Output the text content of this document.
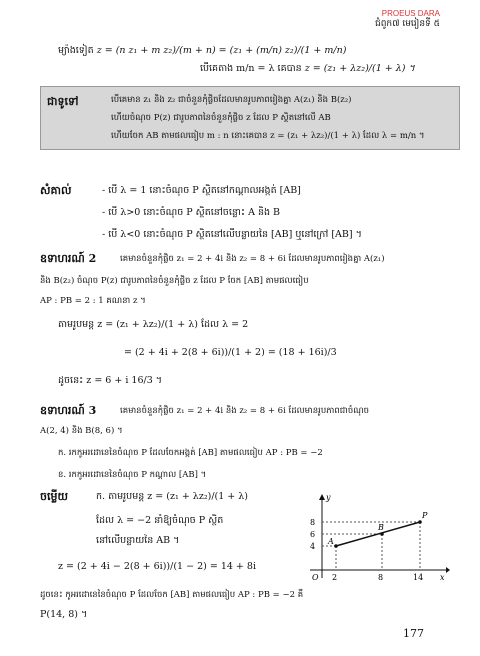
PROEUS DARA
ជំពូក៧ មេរៀនទី ៥
ម្យ៉ាងទៀត z = (n z₁ + m z₂)/(m + n) = (z₁ + (m/n) z₂)/(1 + m/n)
បើគេតាង m/n = λ គេបាន z = (z₁ + λz₂)/(1 + λ) ។
ជាទូទៅ	បើគេមាន z₁ និង z₂ ជាចំនួនកុំផ្លិចដែលមានរូបភាពរៀងគ្នា A(z₁) និង B(z₂)
ហើយចំណុច P(z) ជារូបភាពនៃចំនួនកុំផ្លិច z ដែល P ស្ថិតនៅលើ AB
ហើយចែក AB តាមផលធៀប m : n នោះគេបាន z = (z₁ + λz₂)/(1 + λ) ដែល λ = m/n ។
សំគាល់	- បើ λ = 1 នោះចំណុច P ស្ថិតនៅកណ្តាលអង្កត់ [AB]
- បើ λ>0 នោះចំណុច P ស្ថិតនៅចន្លោះ A និង B
- បើ λ<0 នោះចំណុច P ស្ថិតនៅលើបន្លាយនៃ [AB] ឬនៅក្រៅ [AB] ។
ឧទាហរណ៍ 2	គេមានចំនួនកុំផ្លិច z₁ = 2 + 4i និង z₂ = 8 + 6i ដែលមានរូបភាពរៀងគ្នា A(z₁)
និង B(z₂) ចំណុច P(z) ជារូបភាពនៃចំនួនកុំផ្លិច z ដែល P ចែក [AB] តាមផលធៀប
AP : PB = 2 : 1 គណនា z ។
តាមរូបមន្ត z = (z₁ + λz₂)/(1 + λ) ដែល λ = 2
= (2 + 4i + 2(8 + 6i))/(1 + 2) = (18 + 16i)/3
ដូចនេះ z = 6 + i 16/3 ។
ឧទាហរណ៍ 3	គេមានចំនួនកុំផ្លិច z₁ = 2 + 4i និង z₂ = 8 + 6i ដែលមានរូបភាពជាចំណុច
A(2, 4) និង B(8, 6) ។
ក. រកកូអរដោនេនៃចំណុច P ដែលចែកអង្កត់ [AB] តាមផលធៀប AP : PB = −2
ខ. រកកូអរដោនេនៃចំណុច P កណ្តាល [AB] ។
ចម្លើយ	ក. តាមរូបមន្ត z = (z₁ + λz₂)/(1 + λ)
ដែល λ = −2 នាំឱ្យចំណុច P ស្ថិត
នៅលើបន្លាយនៃ AB ។
z = (2 + 4i − 2(8 + 6i))/(1 − 2) = 14 + 8i
ដូចនេះ កូអរដោនេនៃចំណុច P ដែលចែក [AB] តាមផលធៀប AP : PB = −2 គឺ
P(14, 8) ។
y
x
O
8
6
4
2	8	14
A
B
P
177
